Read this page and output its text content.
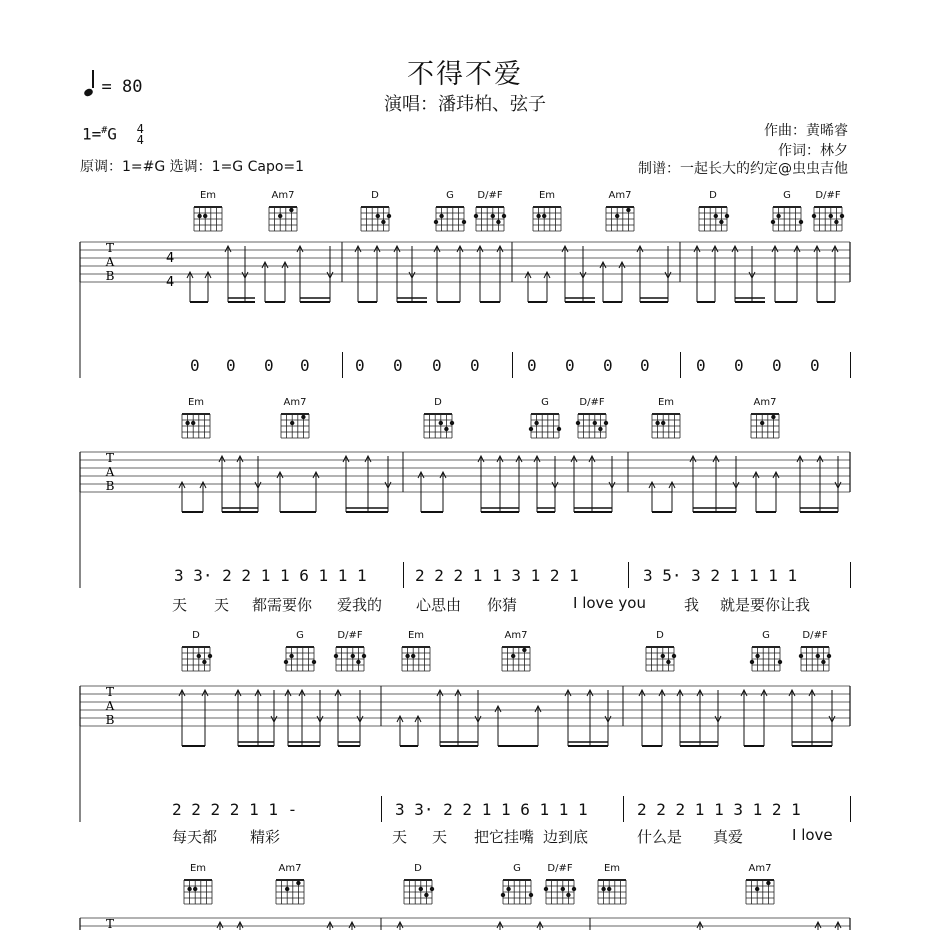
不得不爱
演唱：潘玮柏、弦子
= 80
1=#G 4
4
原调：1=#G 选调：1=G Capo=1
作曲：黄晞睿
作词：林夕
制谱：一起长大的约定@虫虫吉他
T
A
B
4
4
T
A
B
T
A
B
T
Em	Am7	D	G	D/#F	Em	Am7	D	G	D/#F
0 0 0 0	0 0 0 0	0 0 0 0	0 0 0 0
Em	Am7	D	G	D/#F	Em	Am7
3 3· 2 2 1 1 6 1 1 1	2 2 2 1 1 3 1 2 1	3 5· 3 2 1 1 1 1
天 天 都需要你 爱我的 心思由 你猜	I love you	我 就是要你让我
D	G	D/#F	Em	Am7	D	G	D/#F
2 2 2 2 1 1 -	3 3· 2 2 1 1 6 1 1 1	2 2 2 1 1 3 1 2 1
每天都 精彩	天 天 把它挂嘴 边到底	什么是 真爱	I love
Em	Am7	D	G	D/#F	Em	Am7
